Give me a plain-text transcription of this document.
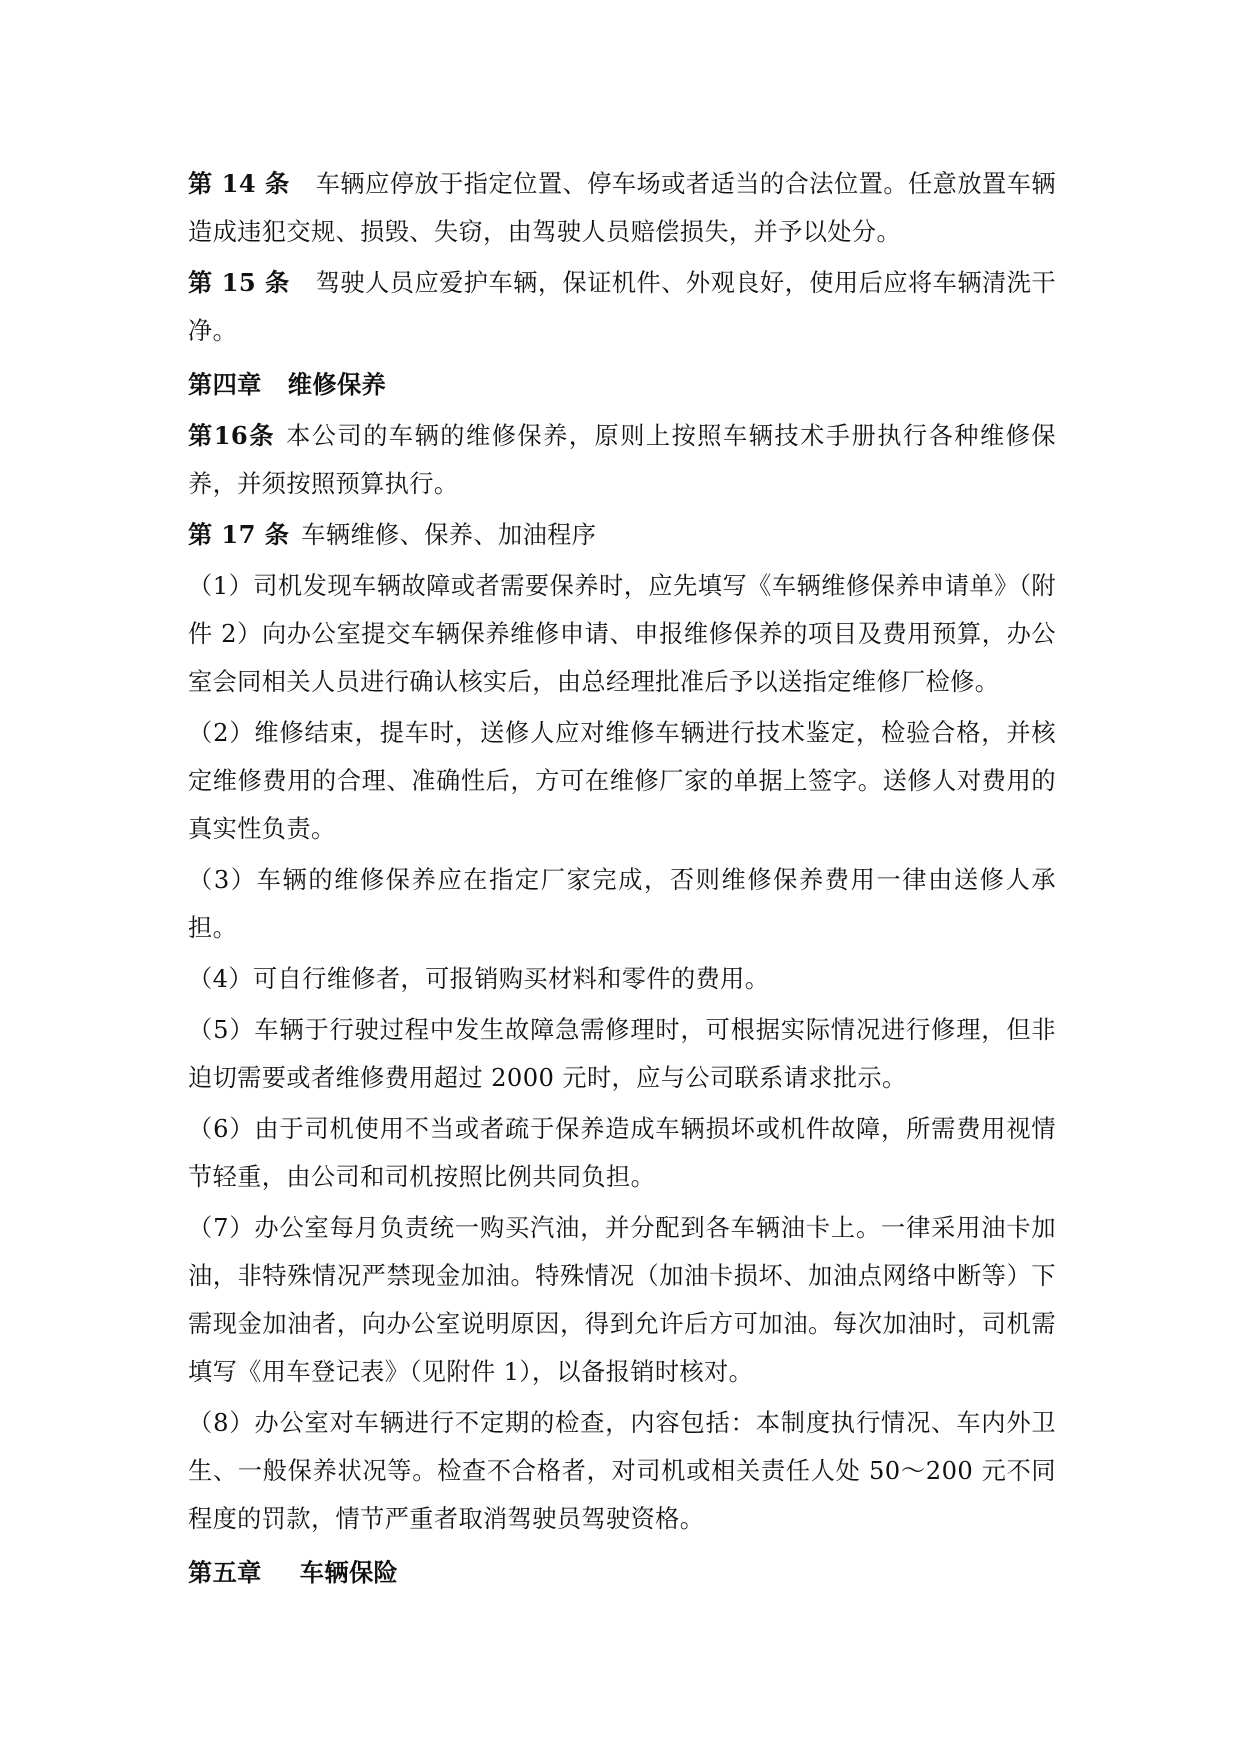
第 14 条 车辆应停放于指定位置、停车场或者适当的合法位置。任意放置车辆造成违犯交规、损毁、失窃，由驾驶人员赔偿损失，并予以处分。

第 15 条 驾驶人员应爱护车辆，保证机件、外观良好，使用后应将车辆清洗干净。

第四章 维修保养

第16条 本公司的车辆的维修保养，原则上按照车辆技术手册执行各种维修保养，并须按照预算执行。

第 17 条 车辆维修、保养、加油程序

（1）司机发现车辆故障或者需要保养时，应先填写《车辆维修保养申请单》（附件 2）向办公室提交车辆保养维修申请、申报维修保养的项目及费用预算，办公室会同相关人员进行确认核实后，由总经理批准后予以送指定维修厂检修。

（2）维修结束，提车时，送修人应对维修车辆进行技术鉴定，检验合格，并核定维修费用的合理、准确性后，方可在维修厂家的单据上签字。送修人对费用的真实性负责。

（3）车辆的维修保养应在指定厂家完成，否则维修保养费用一律由送修人承担。

（4）可自行维修者，可报销购买材料和零件的费用。

（5）车辆于行驶过程中发生故障急需修理时，可根据实际情况进行修理，但非迫切需要或者维修费用超过 2000 元时，应与公司联系请求批示。

（6）由于司机使用不当或者疏于保养造成车辆损坏或机件故障，所需费用视情节轻重，由公司和司机按照比例共同负担。

（7）办公室每月负责统一购买汽油，并分配到各车辆油卡上。一律采用油卡加油，非特殊情况严禁现金加油。特殊情况（加油卡损坏、加油点网络中断等）下需现金加油者，向办公室说明原因，得到允许后方可加油。每次加油时，司机需填写《用车登记表》（见附件 1），以备报销时核对。

（8）办公室对车辆进行不定期的检查，内容包括：本制度执行情况、车内外卫生、一般保养状况等。检查不合格者，对司机或相关责任人处 50～200 元不同程度的罚款，情节严重者取消驾驶员驾驶资格。

第五章 车辆保险
